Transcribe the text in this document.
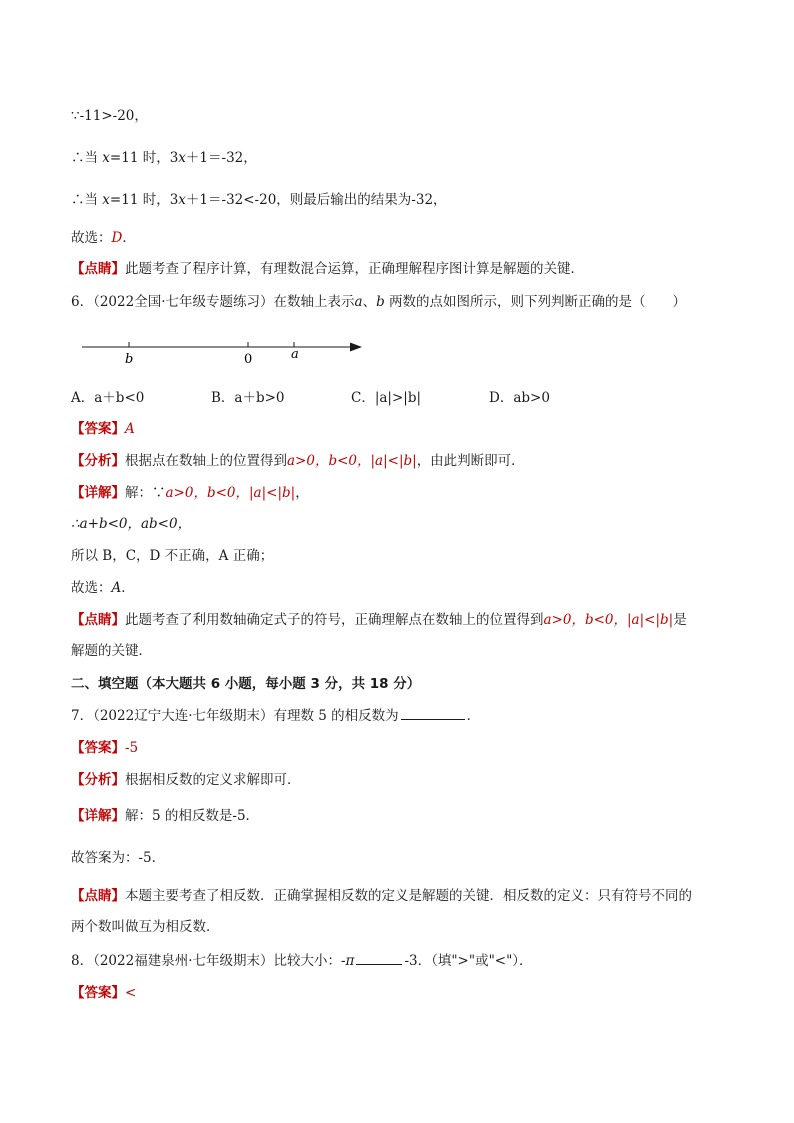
∵-11>-20，
∴当 x=11 时，3x＋1＝-32，
∴当 x=11 时，3x＋1＝-32<-20，则最后输出的结果为-32，
故选：D．
【点睛】此题考查了程序计算，有理数混合运算，正确理解程序图计算是解题的关键．
6．（2022全国·七年级专题练习）在数轴上表示a、b 两数的点如图所示，则下列判断正确的是（　　）
b	0	a
A．a＋b<0	B．a＋b>0	C．|a|>|b|	D．ab>0
【答案】A
【分析】根据点在数轴上的位置得到a>0，b<0，|a|<|b|，由此判断即可．
【详解】解：∵a>0，b<0，|a|<|b|，
∴a+b<0，ab<0，
所以 B，C，D 不正确，A 正确；
故选：A．
【点睛】此题考查了利用数轴确定式子的符号，正确理解点在数轴上的位置得到a>0，b<0，|a|<|b|是
解题的关键．
二、填空题（本大题共 6 小题，每小题 3 分，共 18 分）
7．（2022辽宁大连·七年级期末）有理数 5 的相反数为	．
【答案】-5
【分析】根据相反数的定义求解即可．
【详解】解：5 的相反数是-5．
故答案为：-5．
【点睛】本题主要考查了相反数．正确掌握相反数的定义是解题的关键．相反数的定义：只有符号不同的
两个数叫做互为相反数．
8．（2022福建泉州·七年级期末）比较大小：-π	-3．（填">"或"<"）．
【答案】<
